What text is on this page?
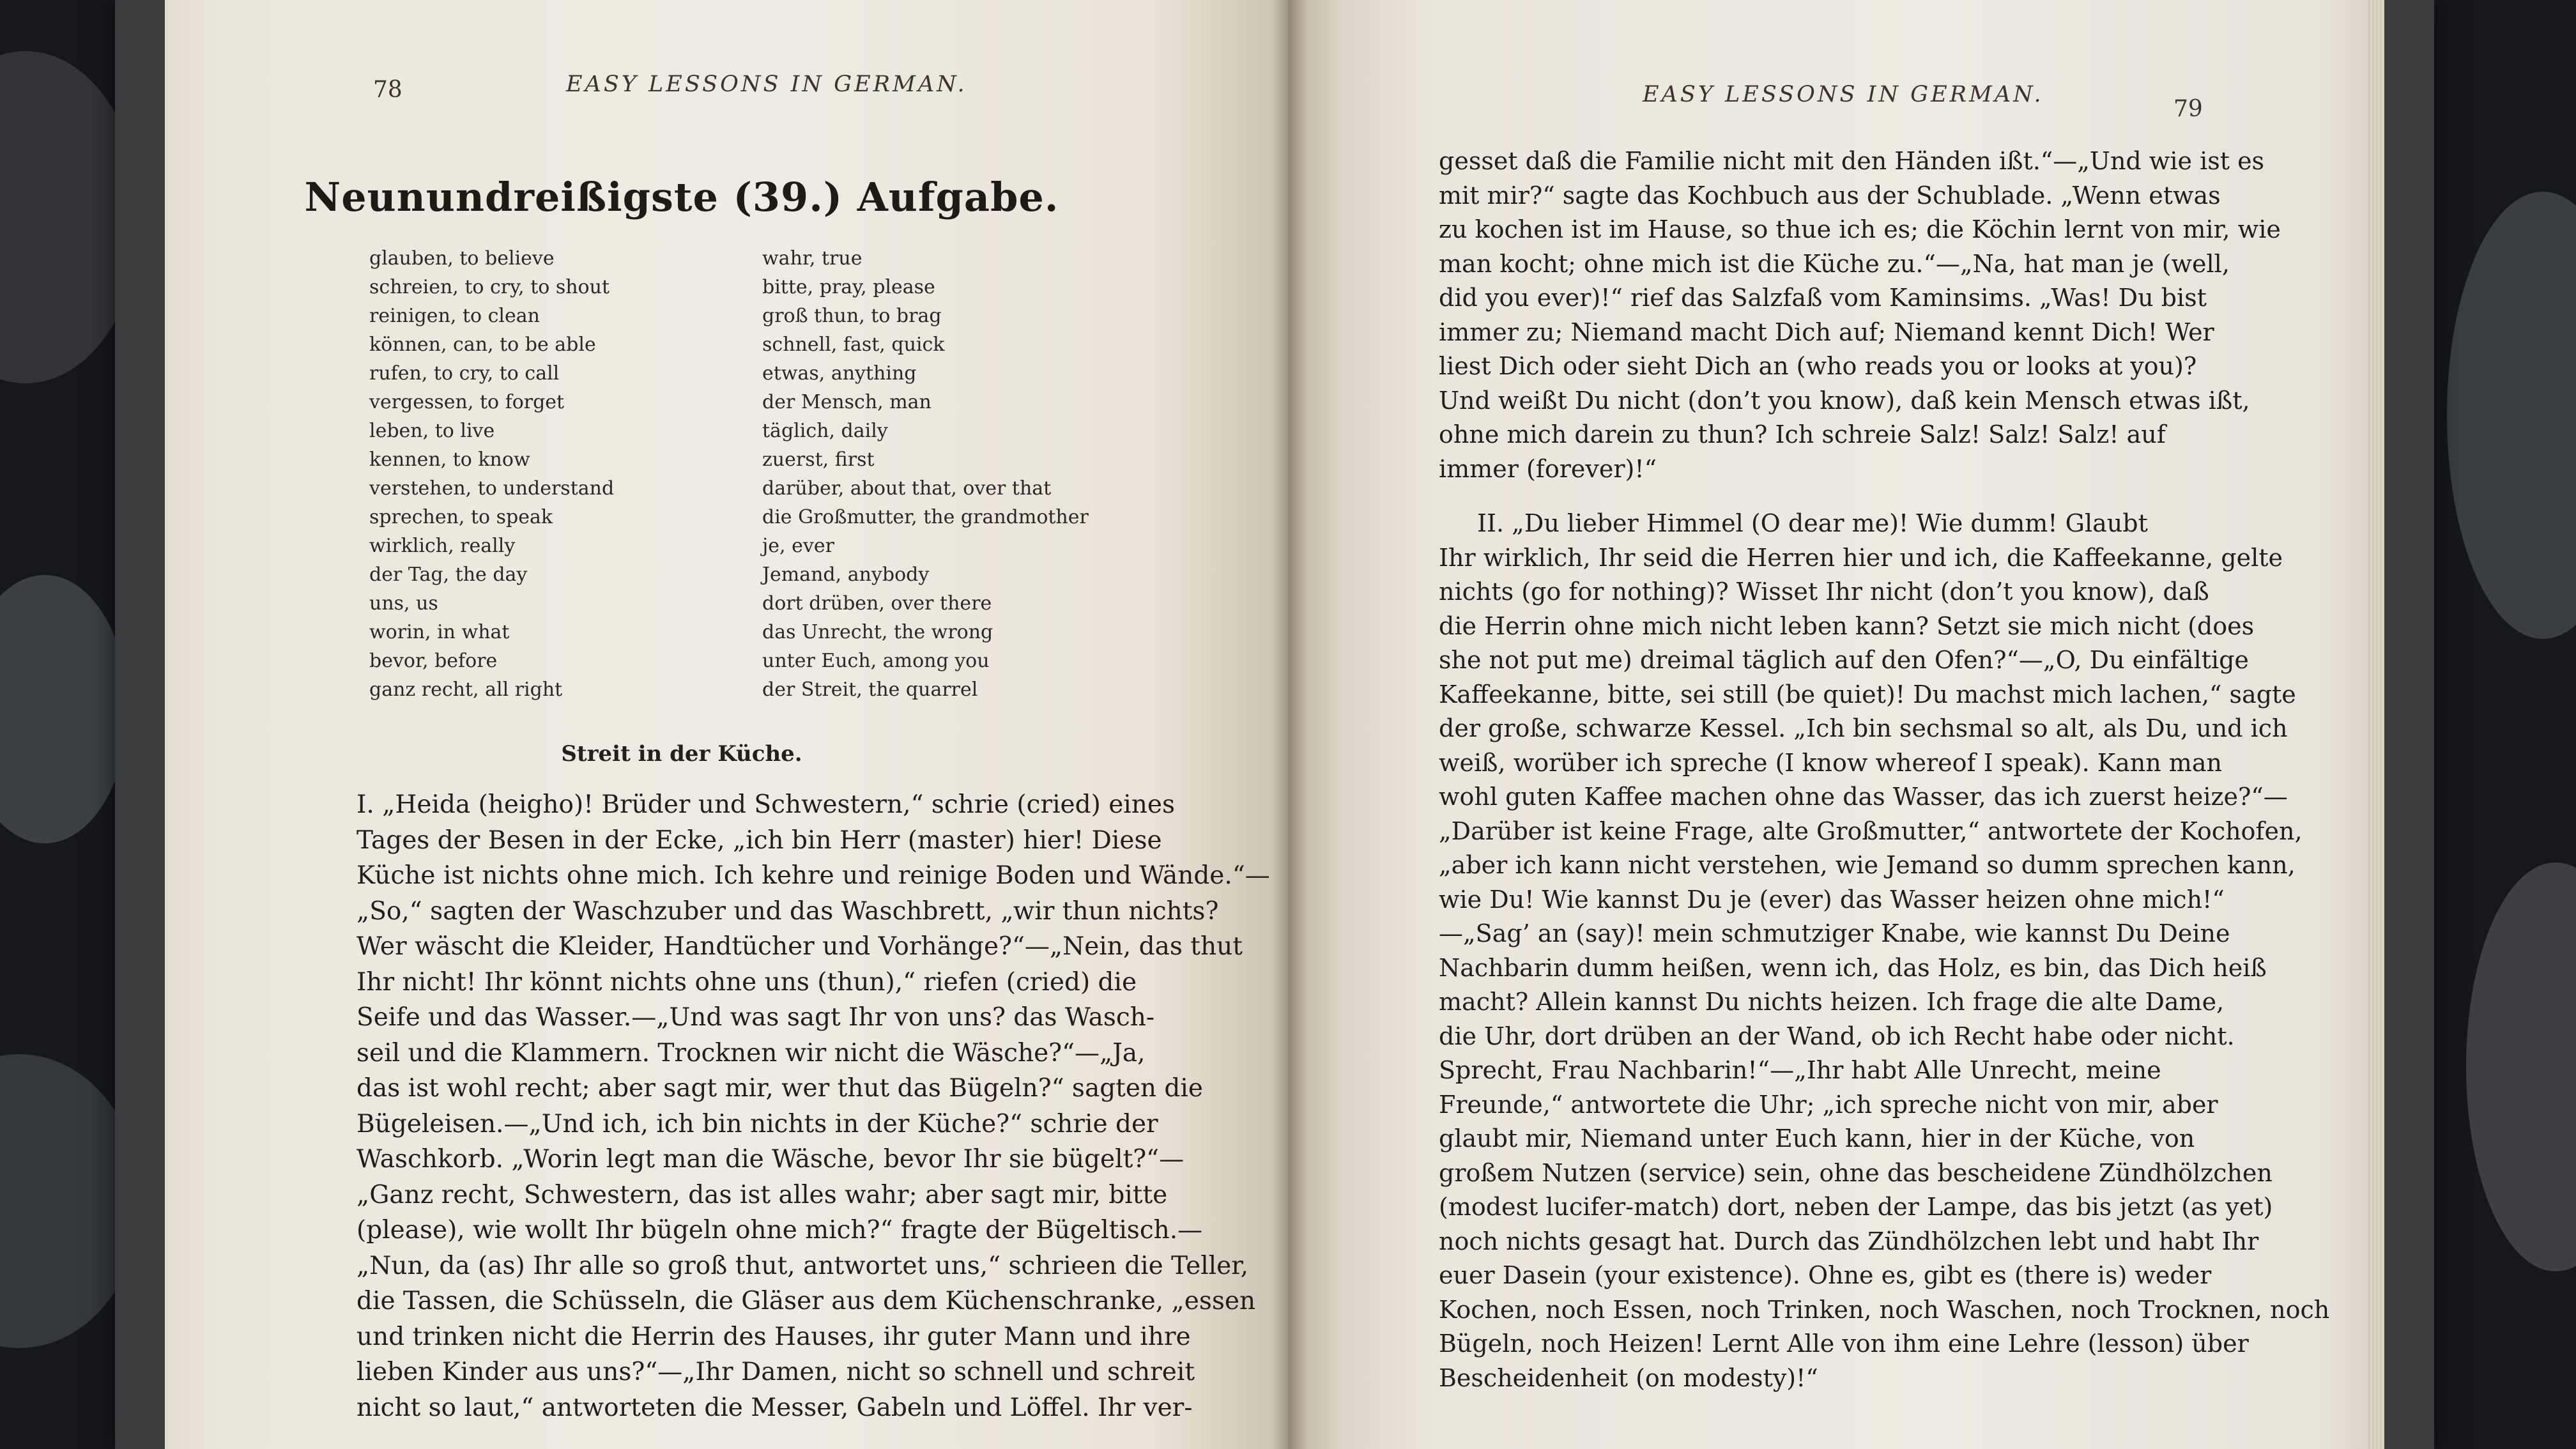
78	EASY LESSONS IN GERMAN.
Neunundreißigste (39.) Aufgabe.
glauben, to believe	wahr, true
schreien, to cry, to shout	bitte, pray, please
reinigen, to clean	groß thun, to brag
können, can, to be able	schnell, fast, quick
rufen, to cry, to call	etwas, anything
vergessen, to forget	der Mensch, man
leben, to live	täglich, daily
kennen, to know	zuerst, first
verstehen, to understand	darüber, about that, over that
sprechen, to speak	die Großmutter, the grandmother
wirklich, really	je, ever
der Tag, the day	Jemand, anybody
uns, us	dort drüben, over there
worin, in what	das Unrecht, the wrong
bevor, before	unter Euch, among you
ganz recht, all right	der Streit, the quarrel
Streit in der Küche.
I. „Heida (heigho)! Brüder und Schwestern,“ schrie (cried) eines
Tages der Besen in der Ecke, „ich bin Herr (master) hier! Diese
Küche ist nichts ohne mich. Ich kehre und reinige Boden und Wände.“—
„So,“ sagten der Waschzuber und das Waschbrett, „wir thun nichts?
Wer wäscht die Kleider, Handtücher und Vorhänge?“—„Nein, das thut
Ihr nicht! Ihr könnt nichts ohne uns (thun),“ riefen (cried) die
Seife und das Wasser.—„Und was sagt Ihr von uns? das Wasch-
seil und die Klammern. Trocknen wir nicht die Wäsche?“—„Ja,
das ist wohl recht; aber sagt mir, wer thut das Bügeln?“ sagten die
Bügeleisen.—„Und ich, ich bin nichts in der Küche?“ schrie der
Waschkorb. „Worin legt man die Wäsche, bevor Ihr sie bügelt?“—
„Ganz recht, Schwestern, das ist alles wahr; aber sagt mir, bitte
(please), wie wollt Ihr bügeln ohne mich?“ fragte der Bügeltisch.—
„Nun, da (as) Ihr alle so groß thut, antwortet uns,“ schrieen die Teller,
die Tassen, die Schüsseln, die Gläser aus dem Küchenschranke, „essen
und trinken nicht die Herrin des Hauses, ihr guter Mann und ihre
lieben Kinder aus uns?“—„Ihr Damen, nicht so schnell und schreit
nicht so laut,“ antworteten die Messer, Gabeln und Löffel. Ihr ver-
EASY LESSONS IN GERMAN.
79
gesset daß die Familie nicht mit den Händen ißt.“—„Und wie ist es
mit mir?“ sagte das Kochbuch aus der Schublade. „Wenn etwas
zu kochen ist im Hause, so thue ich es; die Köchin lernt von mir, wie
man kocht; ohne mich ist die Küche zu.“—„Na, hat man je (well,
did you ever)!“ rief das Salzfaß vom Kaminsims. „Was! Du bist
immer zu; Niemand macht Dich auf; Niemand kennt Dich! Wer
liest Dich oder sieht Dich an (who reads you or looks at you)?
Und weißt Du nicht (don’t you know), daß kein Mensch etwas ißt,
ohne mich darein zu thun? Ich schreie Salz! Salz! Salz! auf
immer (forever)!“
II. „Du lieber Himmel (O dear me)! Wie dumm! Glaubt
Ihr wirklich, Ihr seid die Herren hier und ich, die Kaffeekanne, gelte
nichts (go for nothing)? Wisset Ihr nicht (don’t you know), daß
die Herrin ohne mich nicht leben kann? Setzt sie mich nicht (does
she not put me) dreimal täglich auf den Ofen?“—„O, Du einfältige
Kaffeekanne, bitte, sei still (be quiet)! Du machst mich lachen,“ sagte
der große, schwarze Kessel. „Ich bin sechsmal so alt, als Du, und ich
weiß, worüber ich spreche (I know whereof I speak). Kann man
wohl guten Kaffee machen ohne das Wasser, das ich zuerst heize?“—
„Darüber ist keine Frage, alte Großmutter,“ antwortete der Kochofen,
„aber ich kann nicht verstehen, wie Jemand so dumm sprechen kann,
wie Du! Wie kannst Du je (ever) das Wasser heizen ohne mich!“
—„Sag’ an (say)! mein schmutziger Knabe, wie kannst Du Deine
Nachbarin dumm heißen, wenn ich, das Holz, es bin, das Dich heiß
macht? Allein kannst Du nichts heizen. Ich frage die alte Dame,
die Uhr, dort drüben an der Wand, ob ich Recht habe oder nicht.
Sprecht, Frau Nachbarin!“—„Ihr habt Alle Unrecht, meine
Freunde,“ antwortete die Uhr; „ich spreche nicht von mir, aber
glaubt mir, Niemand unter Euch kann, hier in der Küche, von
großem Nutzen (service) sein, ohne das bescheidene Zündhölzchen
(modest lucifer-match) dort, neben der Lampe, das bis jetzt (as yet)
noch nichts gesagt hat. Durch das Zündhölzchen lebt und habt Ihr
euer Dasein (your existence). Ohne es, gibt es (there is) weder
Kochen, noch Essen, noch Trinken, noch Waschen, noch Trocknen, noch
Bügeln, noch Heizen! Lernt Alle von ihm eine Lehre (lesson) über
Bescheidenheit (on modesty)!“
